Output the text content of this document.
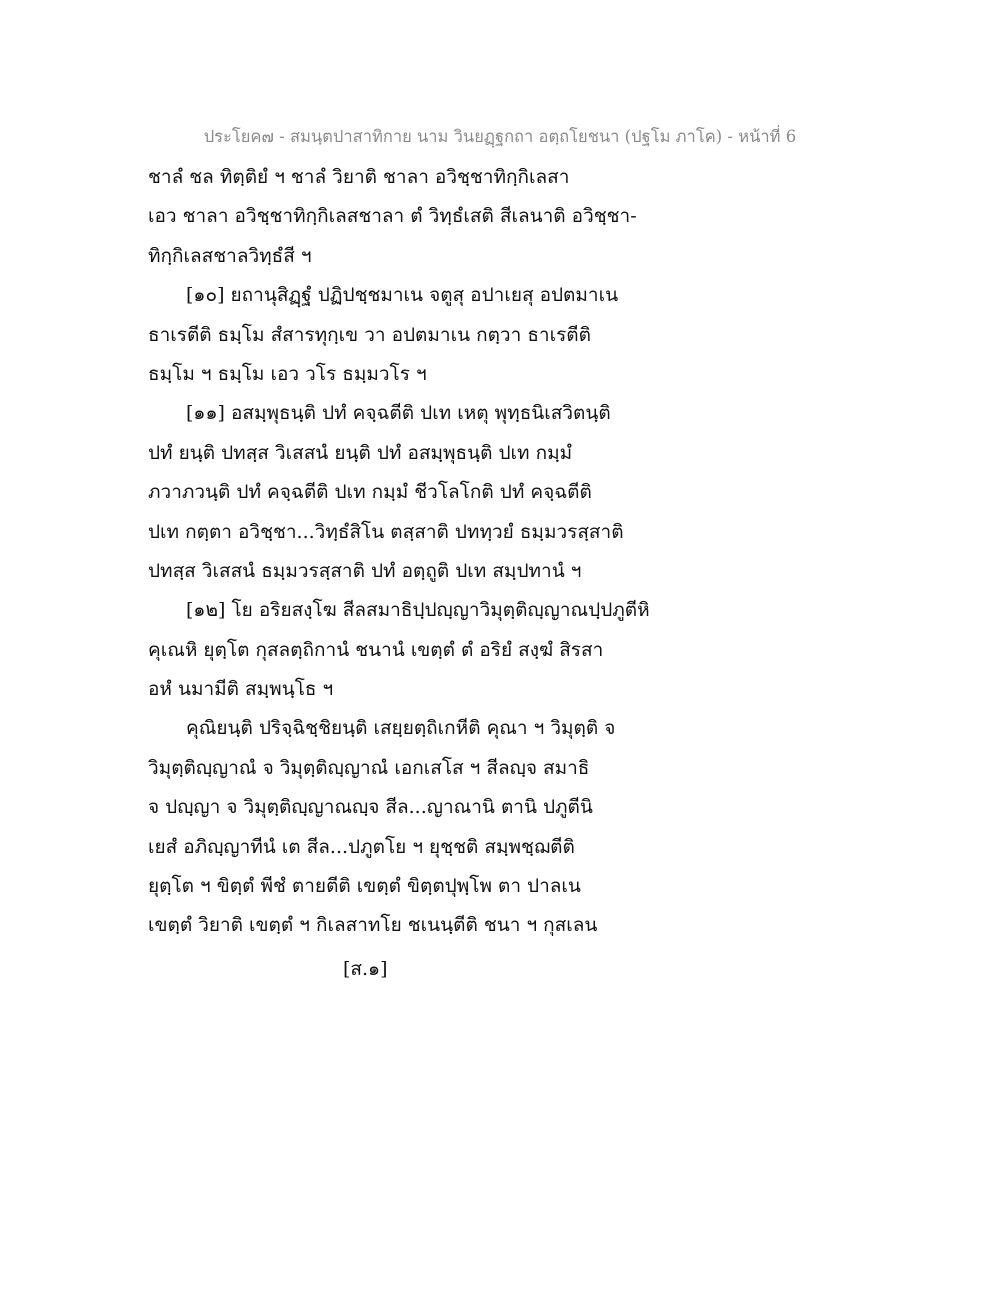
ประโยค๗ - สมนฺตปาสาทิกาย นาม วินยฏฺฐกถา อตฺถโยชนา (ปฐโม ภาโค) - หน้าที่ 6
ชาลํ ชล ทิตฺติยํ ฯ ชาลํ วิยาติ ชาลา อวิชฺชาทิกฺกิเลสา
เอว ชาลา อวิชฺชาทิกฺกิเลสชาลา ตํ วิทฺธํเสติ สีเลนาติ อวิชฺชา-
ทิกฺกิเลสชาลวิทฺธํสี ฯ
[๑๐] ยถานุสิฏฺฐํ ปฏิปชฺชมาเน จตูสุ อปาเยสุ อปตมาเน
ธาเรตีติ ธมฺโม สํสารทุกฺเข วา อปตมาเน กตฺวา ธาเรตีติ
ธมฺโม ฯ ธมฺโม เอว วโร ธมฺมวโร ฯ
[๑๑] อสมฺพุธนฺติ ปทํ คจฺฉตีติ ปเท เหตุ พุทฺธนิเสวิตนฺติ
ปทํ ยนฺติ ปทสฺส วิเสสนํ ยนฺติ ปทํ อสมฺพุธนฺติ ปเท กมฺมํ
ภวาภวนฺติ ปทํ คจฺฉตีติ ปเท กมฺมํ ชีวโลโกติ ปทํ คจฺฉตีติ
ปเท กตฺตา อวิชฺชา...วิทฺธํสิโน ตสฺสาติ ปททฺวยํ ธมฺมวรสฺสาติ
ปทสฺส วิเสสนํ ธมฺมวรสฺสาติ ปทํ อตฺถูติ ปเท สมฺปทานํ ฯ
[๑๒] โย อริยสงฺโฆ สีลสมาธิปฺปญฺญาวิมุตฺติญฺญาณปฺปภูตีหิ
คุเณหิ ยุตฺโต กุสลตฺถิกานํ ชนานํ เขตฺตํ ตํ อริยํ สงฺฆํ สิรสา
อหํ นมามีติ สมฺพนฺโธ ฯ
คุณิยนฺติ ปริจฺฉิชฺชิยนฺติ เสยฺยตฺถิเกหีติ คุณา ฯ วิมุตฺติ จ
วิมุตฺติญฺญาณํ จ วิมุตฺติญฺญาณํ เอกเสโส ฯ สีลญฺจ สมาธิ
จ ปญฺญา จ วิมุตฺติญฺญาณญฺจ สีล...ญาณานิ ตานิ ปภูตีนิ
เยสํ อภิญฺญาทีนํ เต สีล...ปภูตโย ฯ ยุชฺชติ สมฺพชฺฌตีติ
ยุตฺโต ฯ ขิตฺตํ พีชํ ตายตีติ เขตฺตํ ขิตฺตปุพฺโพ ตา ปาลเน
เขตฺตํ วิยาติ เขตฺตํ ฯ กิเลสาทโย ชเนนฺตีติ ชนา ฯ กุสเลน
[ส.๑]
